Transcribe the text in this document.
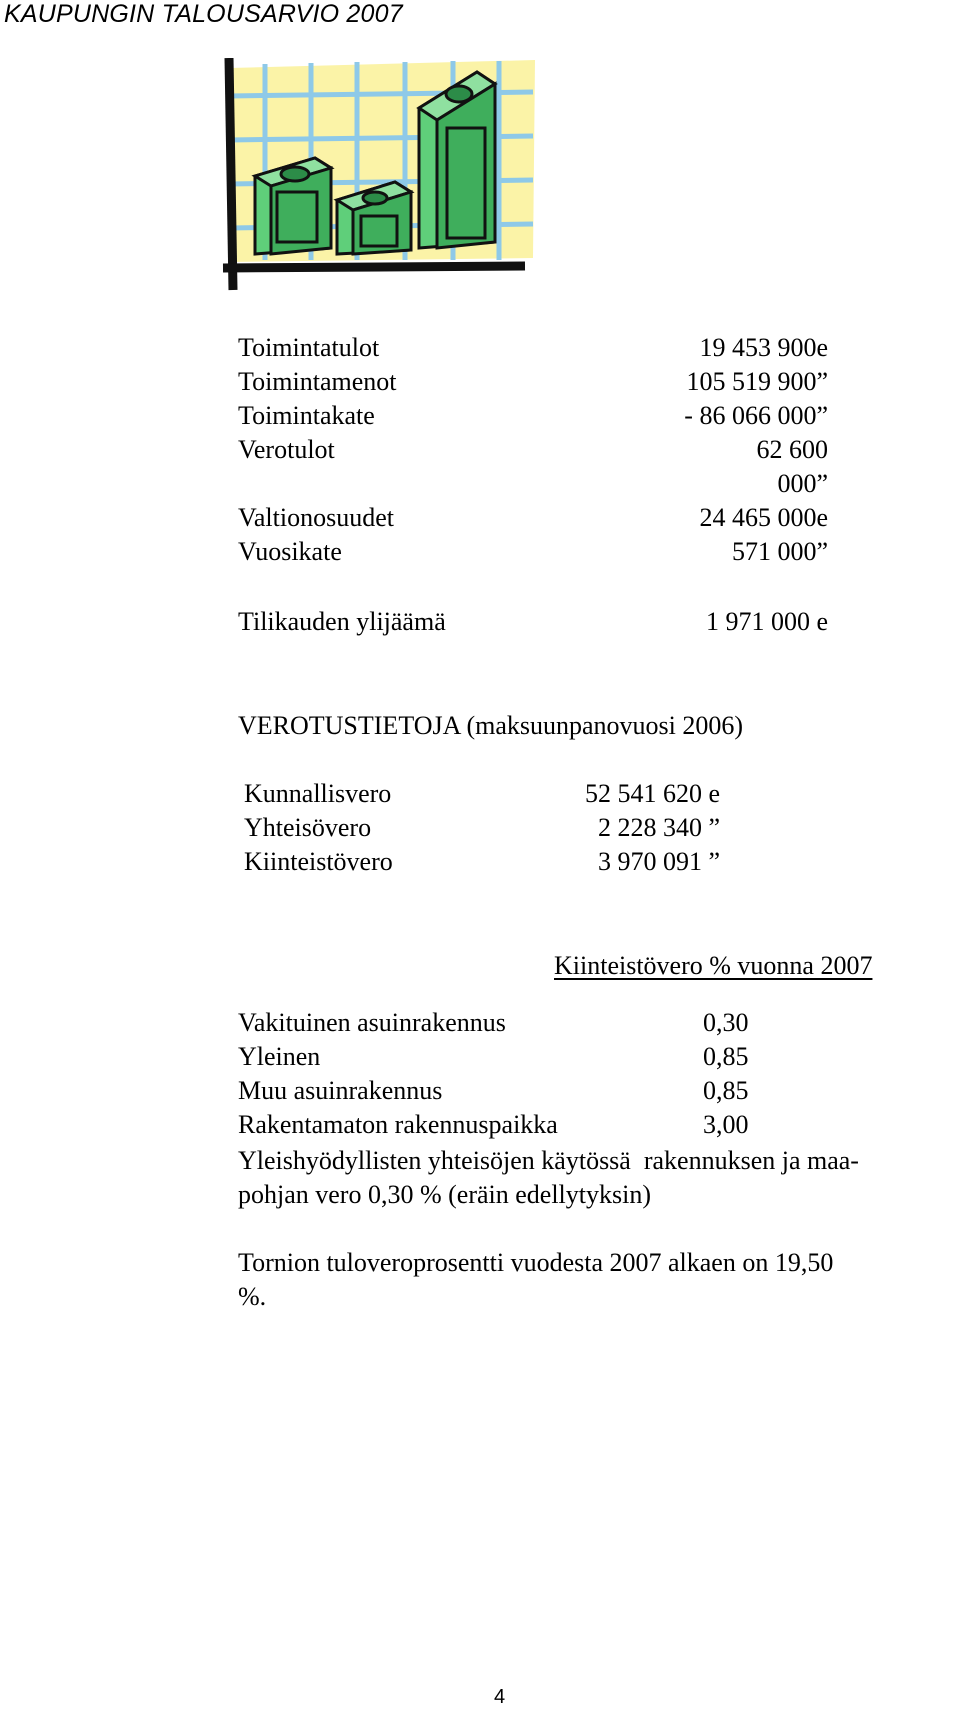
KAUPUNGIN TALOUSARVIO 2007
Toimintatulot	19 453 900e
Toimintamenot	105 519 900”
Toimintakate	- 86 066 000”
Verotulot	62 600
000”
Valtionosuudet	24 465 000e
Vuosikate	571 000”
Tilikauden ylijäämä	1 971 000 e
VEROTUSTIETOJA (maksuunpanovuosi 2006)
Kunnallisvero	52 541 620 e
Yhteisövero	2 228 340 ”
Kiinteistövero	3 970 091 ”
Kiinteistövero % vuonna 2007
Vakituinen asuinrakennus	0,30
Yleinen	0,85
Muu asuinrakennus	0,85
Rakentamaton rakennuspaikka	3,00
Yleishyödyllisten yhteisöjen käytössä  rakennuksen ja maa-
pohjan vero 0,30 % (eräin edellytyksin)
Tornion tuloveroprosentti vuodesta 2007 alkaen on 19,50
%.
4
